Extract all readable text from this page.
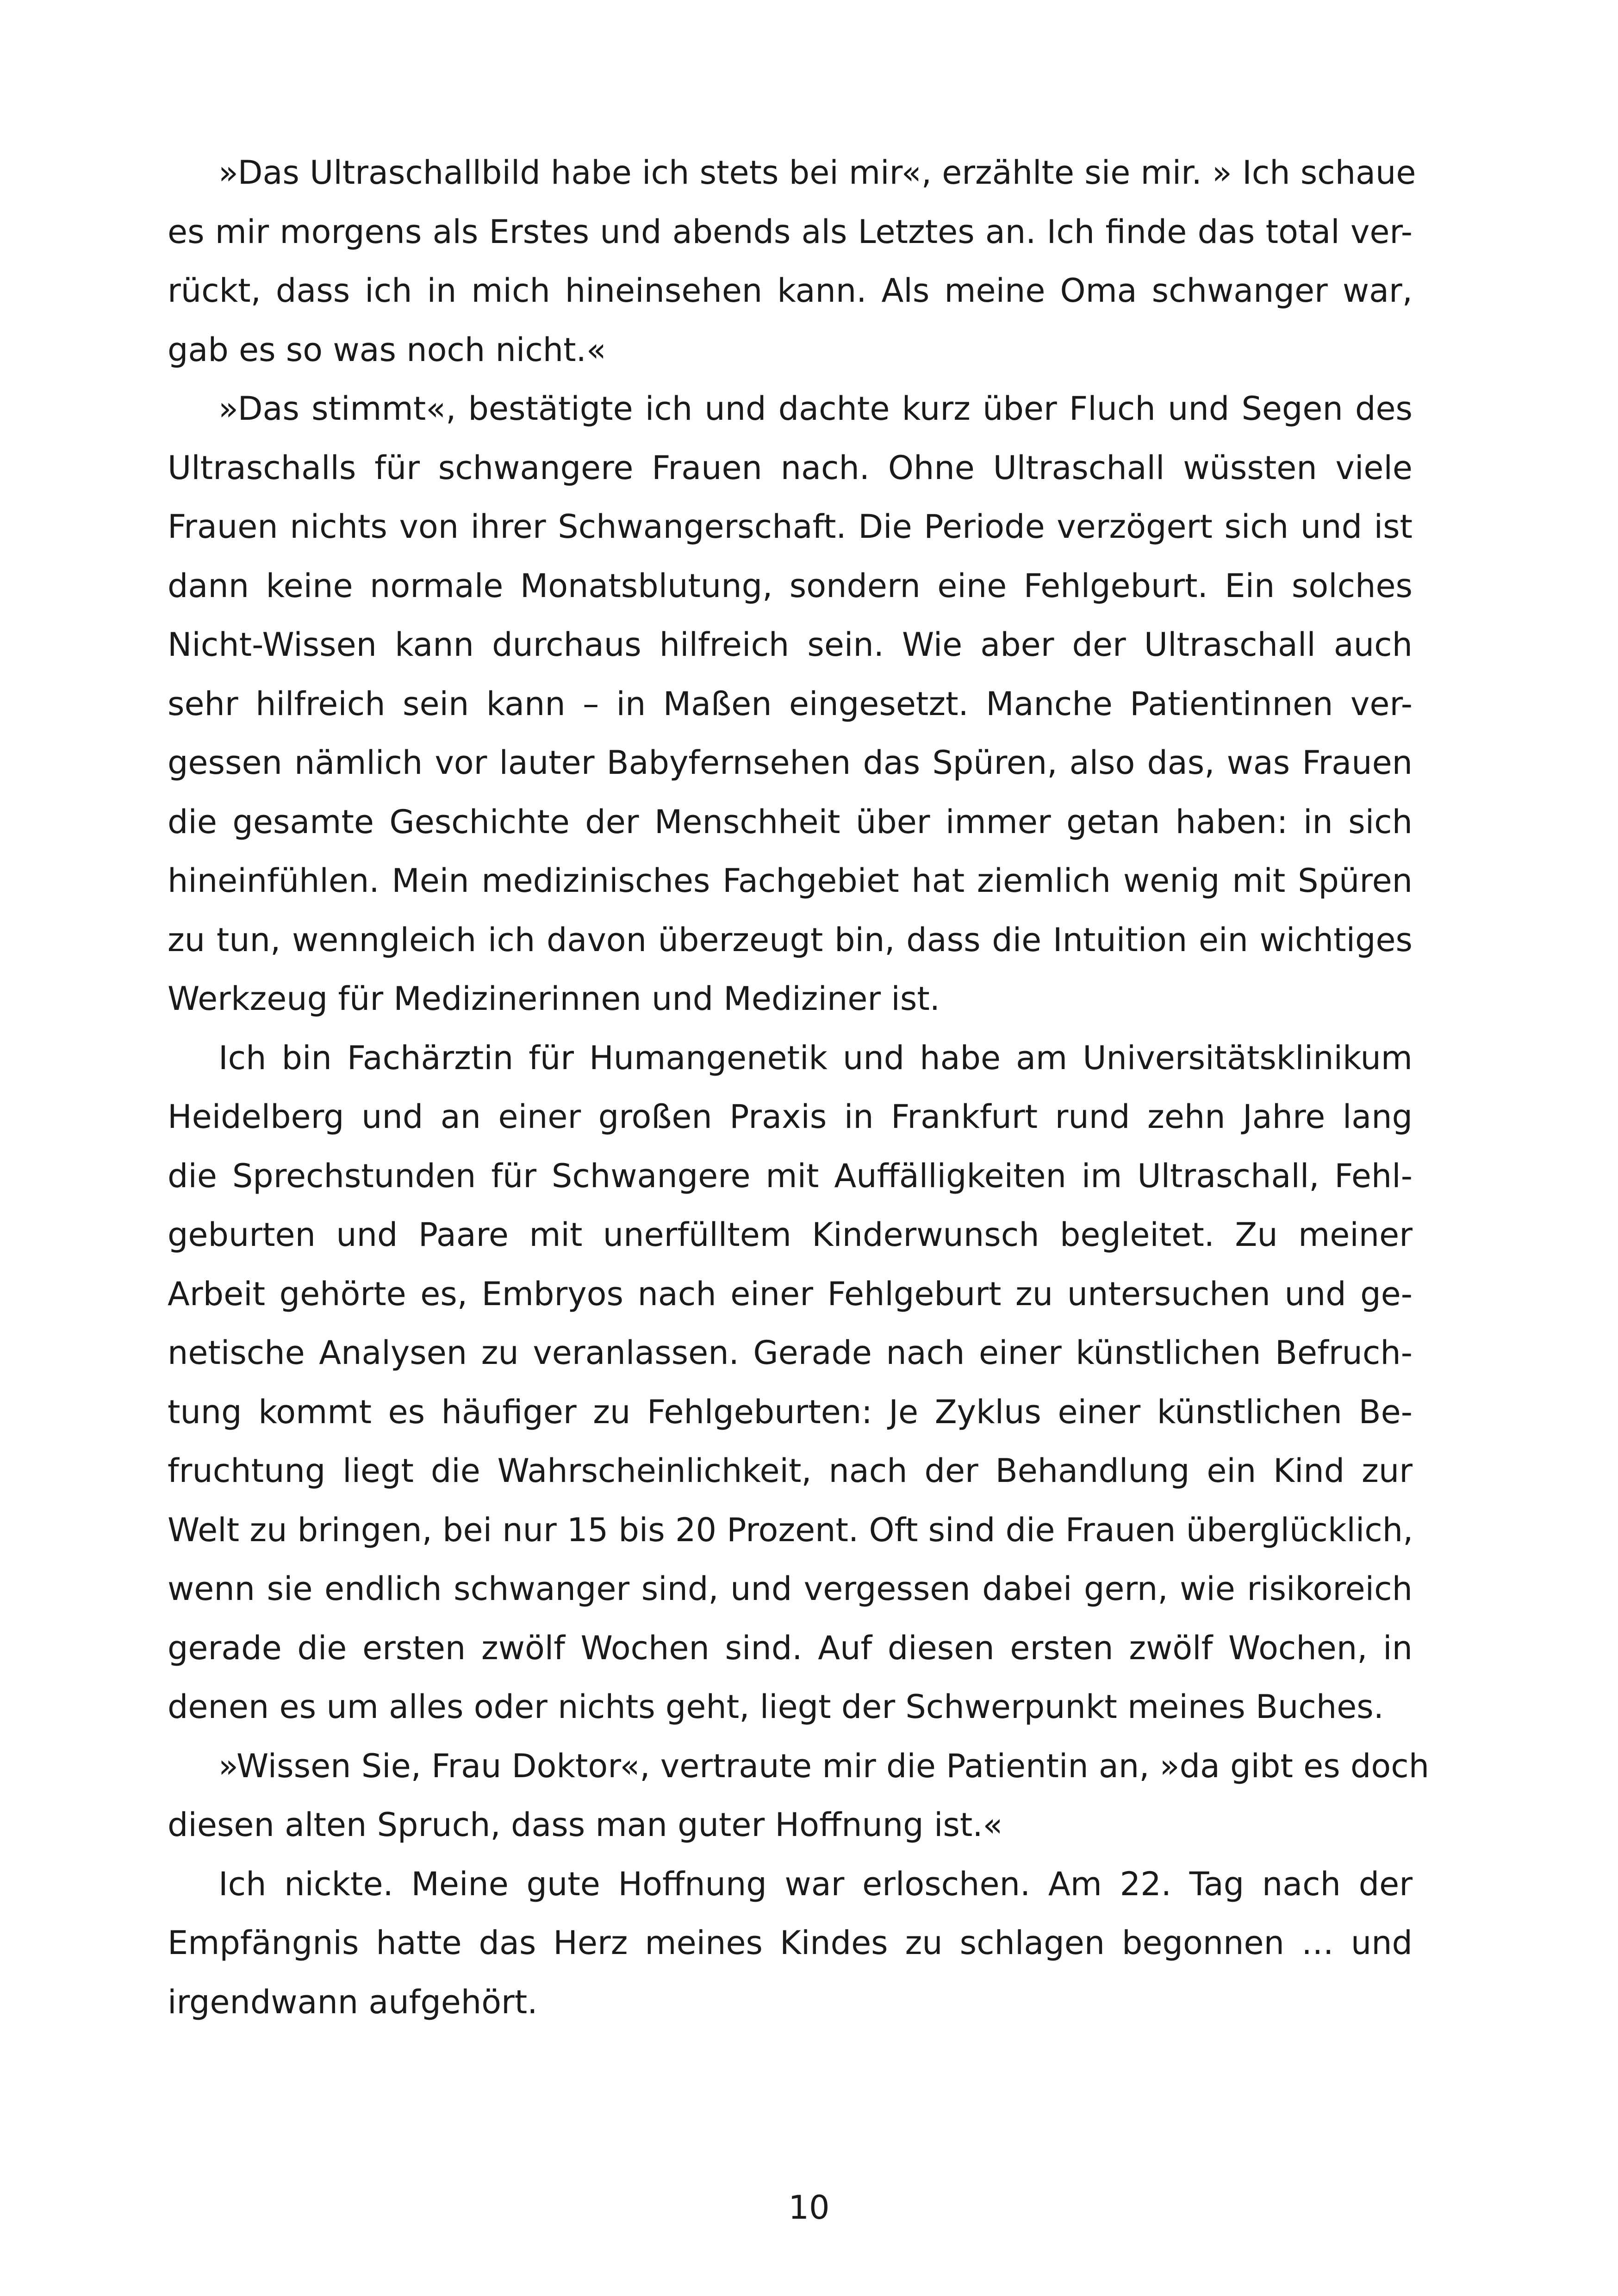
»Das Ultraschallbild habe ich stets bei mir«, erzählte sie mir. » Ich schaue
es mir morgens als Erstes und abends als Letztes an. Ich finde das total ver-
rückt, dass ich in mich hineinsehen kann. Als meine Oma schwanger war,
gab es so was noch nicht.«
»Das stimmt«, bestätigte ich und dachte kurz über Fluch und Segen des
Ultraschalls für schwangere Frauen nach. Ohne Ultraschall wüssten viele
Frauen nichts von ihrer Schwangerschaft. Die Periode verzögert sich und ist
dann keine normale Monatsblutung, sondern eine Fehlgeburt. Ein solches
Nicht-Wissen kann durchaus hilfreich sein. Wie aber der Ultraschall auch
sehr hilfreich sein kann – in Maßen eingesetzt. Manche Patientinnen ver-
gessen nämlich vor lauter Babyfernsehen das Spüren, also das, was Frauen
die gesamte Geschichte der Menschheit über immer getan haben: in sich
hineinfühlen. Mein medizinisches Fachgebiet hat ziemlich wenig mit Spüren
zu tun, wenngleich ich davon überzeugt bin, dass die Intuition ein wichtiges
Werkzeug für Medizinerinnen und Mediziner ist.
Ich bin Fachärztin für Humangenetik und habe am Universitätsklinikum
Heidelberg und an einer großen Praxis in Frankfurt rund zehn Jahre lang
die Sprechstunden für Schwangere mit Auffälligkeiten im Ultraschall, Fehl-
geburten und Paare mit unerfülltem Kinderwunsch begleitet. Zu meiner
Arbeit gehörte es, Embryos nach einer Fehlgeburt zu untersuchen und ge-
netische Analysen zu veranlassen. Gerade nach einer künstlichen Befruch-
tung kommt es häufiger zu Fehlgeburten: Je Zyklus einer künstlichen Be-
fruchtung liegt die Wahrscheinlichkeit, nach der Behandlung ein Kind zur
Welt zu bringen, bei nur 15 bis 20 Prozent. Oft sind die Frauen überglücklich,
wenn sie endlich schwanger sind, und vergessen dabei gern, wie risikoreich
gerade die ersten zwölf Wochen sind. Auf diesen ersten zwölf Wochen, in
denen es um alles oder nichts geht, liegt der Schwerpunkt meines Buches.
»Wissen Sie, Frau Doktor«, vertraute mir die Patientin an, »da gibt es doch
diesen alten Spruch, dass man guter Hoffnung ist.«
Ich nickte. Meine gute Hoffnung war erloschen. Am 22. Tag nach der
Empfängnis hatte das Herz meines Kindes zu schlagen begonnen … und
irgendwann aufgehört.
10
